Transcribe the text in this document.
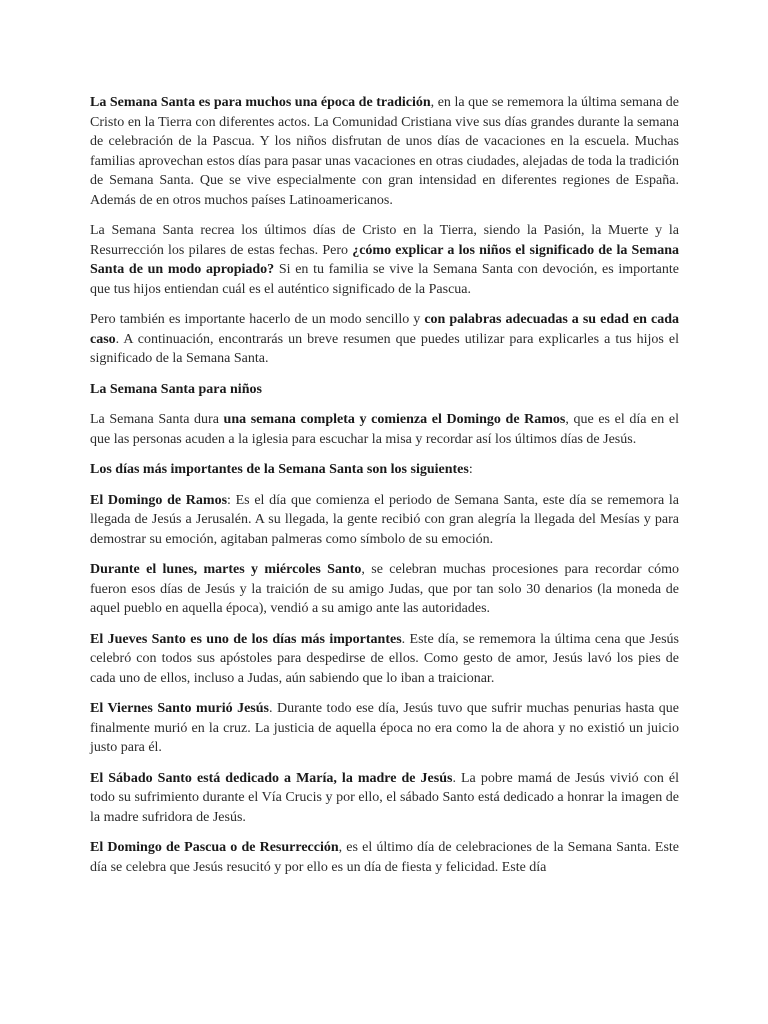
La Semana Santa es para muchos una época de tradición, en la que se rememora la última semana de Cristo en la Tierra con diferentes actos. La Comunidad Cristiana vive sus días grandes durante la semana de celebración de la Pascua. Y los niños disfrutan de unos días de vacaciones en la escuela. Muchas familias aprovechan estos días para pasar unas vacaciones en otras ciudades, alejadas de toda la tradición de Semana Santa. Que se vive especialmente con gran intensidad en diferentes regiones de España. Además de en otros muchos países Latinoamericanos.

La Semana Santa recrea los últimos días de Cristo en la Tierra, siendo la Pasión, la Muerte y la Resurrección los pilares de estas fechas. Pero ¿cómo explicar a los niños el significado de la Semana Santa de un modo apropiado? Si en tu familia se vive la Semana Santa con devoción, es importante que tus hijos entiendan cuál es el auténtico significado de la Pascua.

Pero también es importante hacerlo de un modo sencillo y con palabras adecuadas a su edad en cada caso. A continuación, encontrarás un breve resumen que puedes utilizar para explicarles a tus hijos el significado de la Semana Santa.

La Semana Santa para niños

La Semana Santa dura una semana completa y comienza el Domingo de Ramos, que es el día en el que las personas acuden a la iglesia para escuchar la misa y recordar así los últimos días de Jesús.

Los días más importantes de la Semana Santa son los siguientes:

El Domingo de Ramos: Es el día que comienza el periodo de Semana Santa, este día se rememora la llegada de Jesús a Jerusalén. A su llegada, la gente recibió con gran alegría la llegada del Mesías y para demostrar su emoción, agitaban palmeras como símbolo de su emoción.

Durante el lunes, martes y miércoles Santo, se celebran muchas procesiones para recordar cómo fueron esos días de Jesús y la traición de su amigo Judas, que por tan solo 30 denarios (la moneda de aquel pueblo en aquella época), vendió a su amigo ante las autoridades.

El Jueves Santo es uno de los días más importantes. Este día, se rememora la última cena que Jesús celebró con todos sus apóstoles para despedirse de ellos. Como gesto de amor, Jesús lavó los pies de cada uno de ellos, incluso a Judas, aún sabiendo que lo iban a traicionar.

El Viernes Santo murió Jesús. Durante todo ese día, Jesús tuvo que sufrir muchas penurias hasta que finalmente murió en la cruz. La justicia de aquella época no era como la de ahora y no existió un juicio justo para él.

El Sábado Santo está dedicado a María, la madre de Jesús. La pobre mamá de Jesús vivió con él todo su sufrimiento durante el Vía Crucis y por ello, el sábado Santo está dedicado a honrar la imagen de la madre sufridora de Jesús.

El Domingo de Pascua o de Resurrección, es el último día de celebraciones de la Semana Santa. Este día se celebra que Jesús resucitó y por ello es un día de fiesta y felicidad. Este día
